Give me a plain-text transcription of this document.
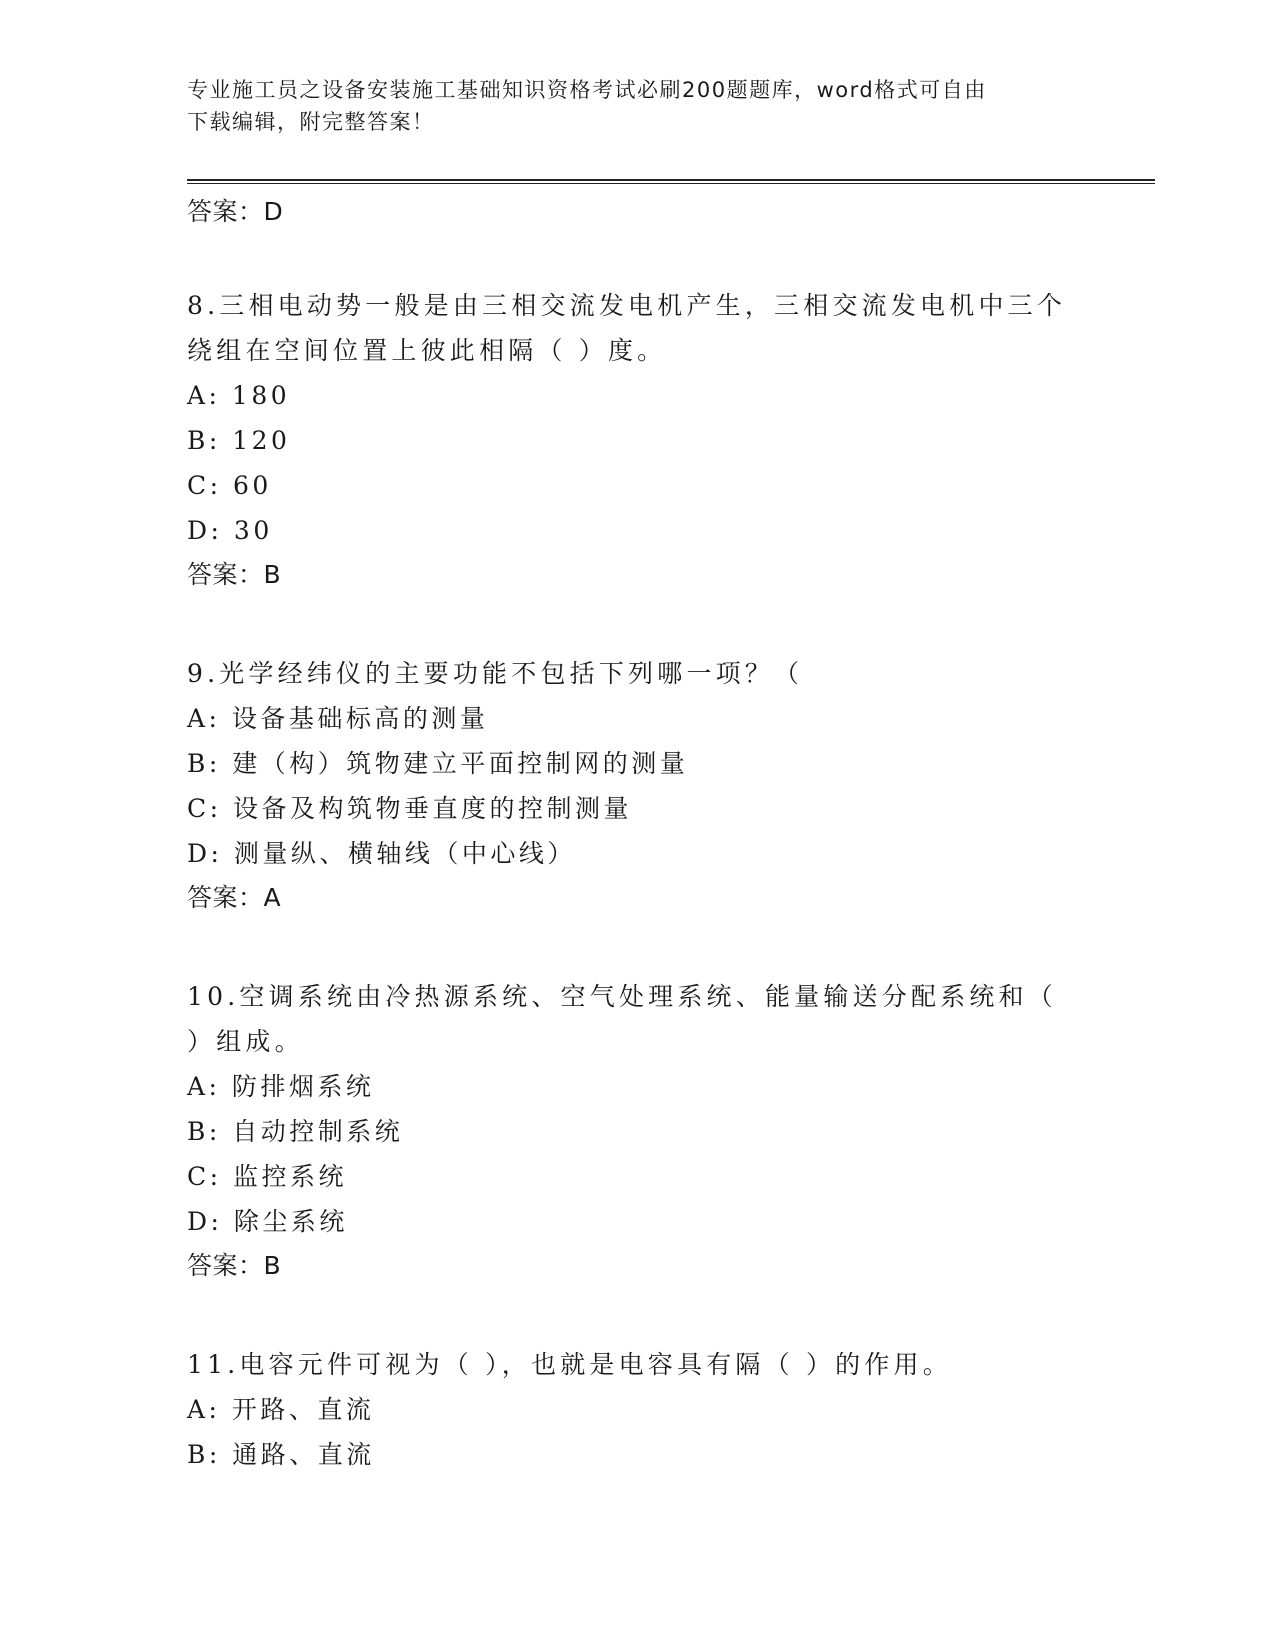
专业施工员之设备安装施工基础知识资格考试必刷200题题库，word格式可自由
下载编辑，附完整答案！
答案：D
8.三相电动势一般是由三相交流发电机产生，三相交流发电机中三个
绕组在空间位置上彼此相隔（ ）度。
A: 180
B: 120
C: 60
D: 30
答案：B
9.光学经纬仪的主要功能不包括下列哪一项？（
A: 设备基础标高的测量
B: 建（构）筑物建立平面控制网的测量
C: 设备及构筑物垂直度的控制测量
D: 测量纵、横轴线（中心线）
答案：A
10.空调系统由冷热源系统、空气处理系统、能量输送分配系统和（
）组成。
A: 防排烟系统
B: 自动控制系统
C: 监控系统
D: 除尘系统
答案：B
11.电容元件可视为（ ），也就是电容具有隔（ ）的作用。
A: 开路、直流
B: 通路、直流
